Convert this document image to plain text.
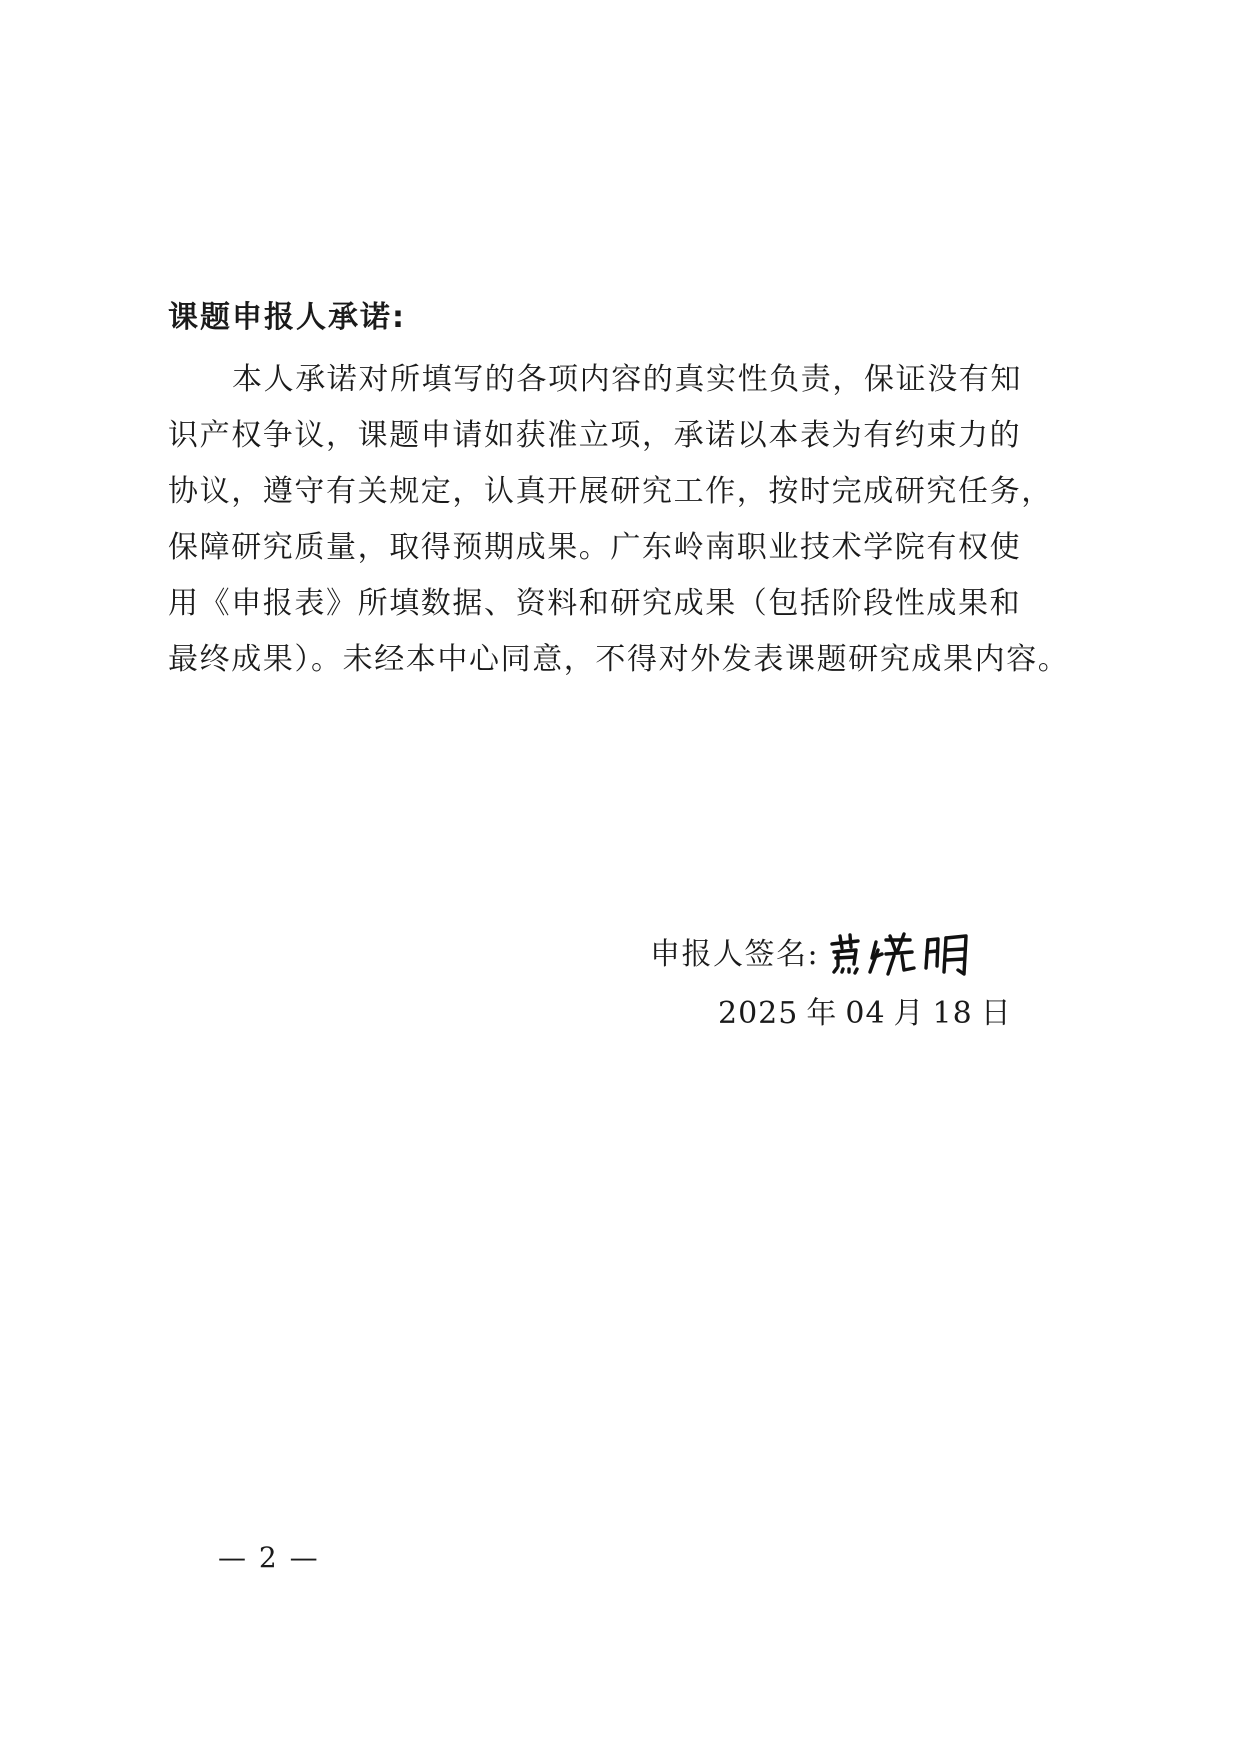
课题申报人承诺:
本人承诺对所填写的各项内容的真实性负责，保证没有知
识产权争议，课题申请如获准立项，承诺以本表为有约束力的
协议，遵守有关规定，认真开展研究工作，按时完成研究任务，
保障研究质量，取得预期成果。广东岭南职业技术学院有权使
用《申报表》所填数据、资料和研究成果（包括阶段性成果和
最终成果）。未经本中心同意，不得对外发表课题研究成果内容。
申报人签名:
2025 年 04 月 18 日
— 2 —
